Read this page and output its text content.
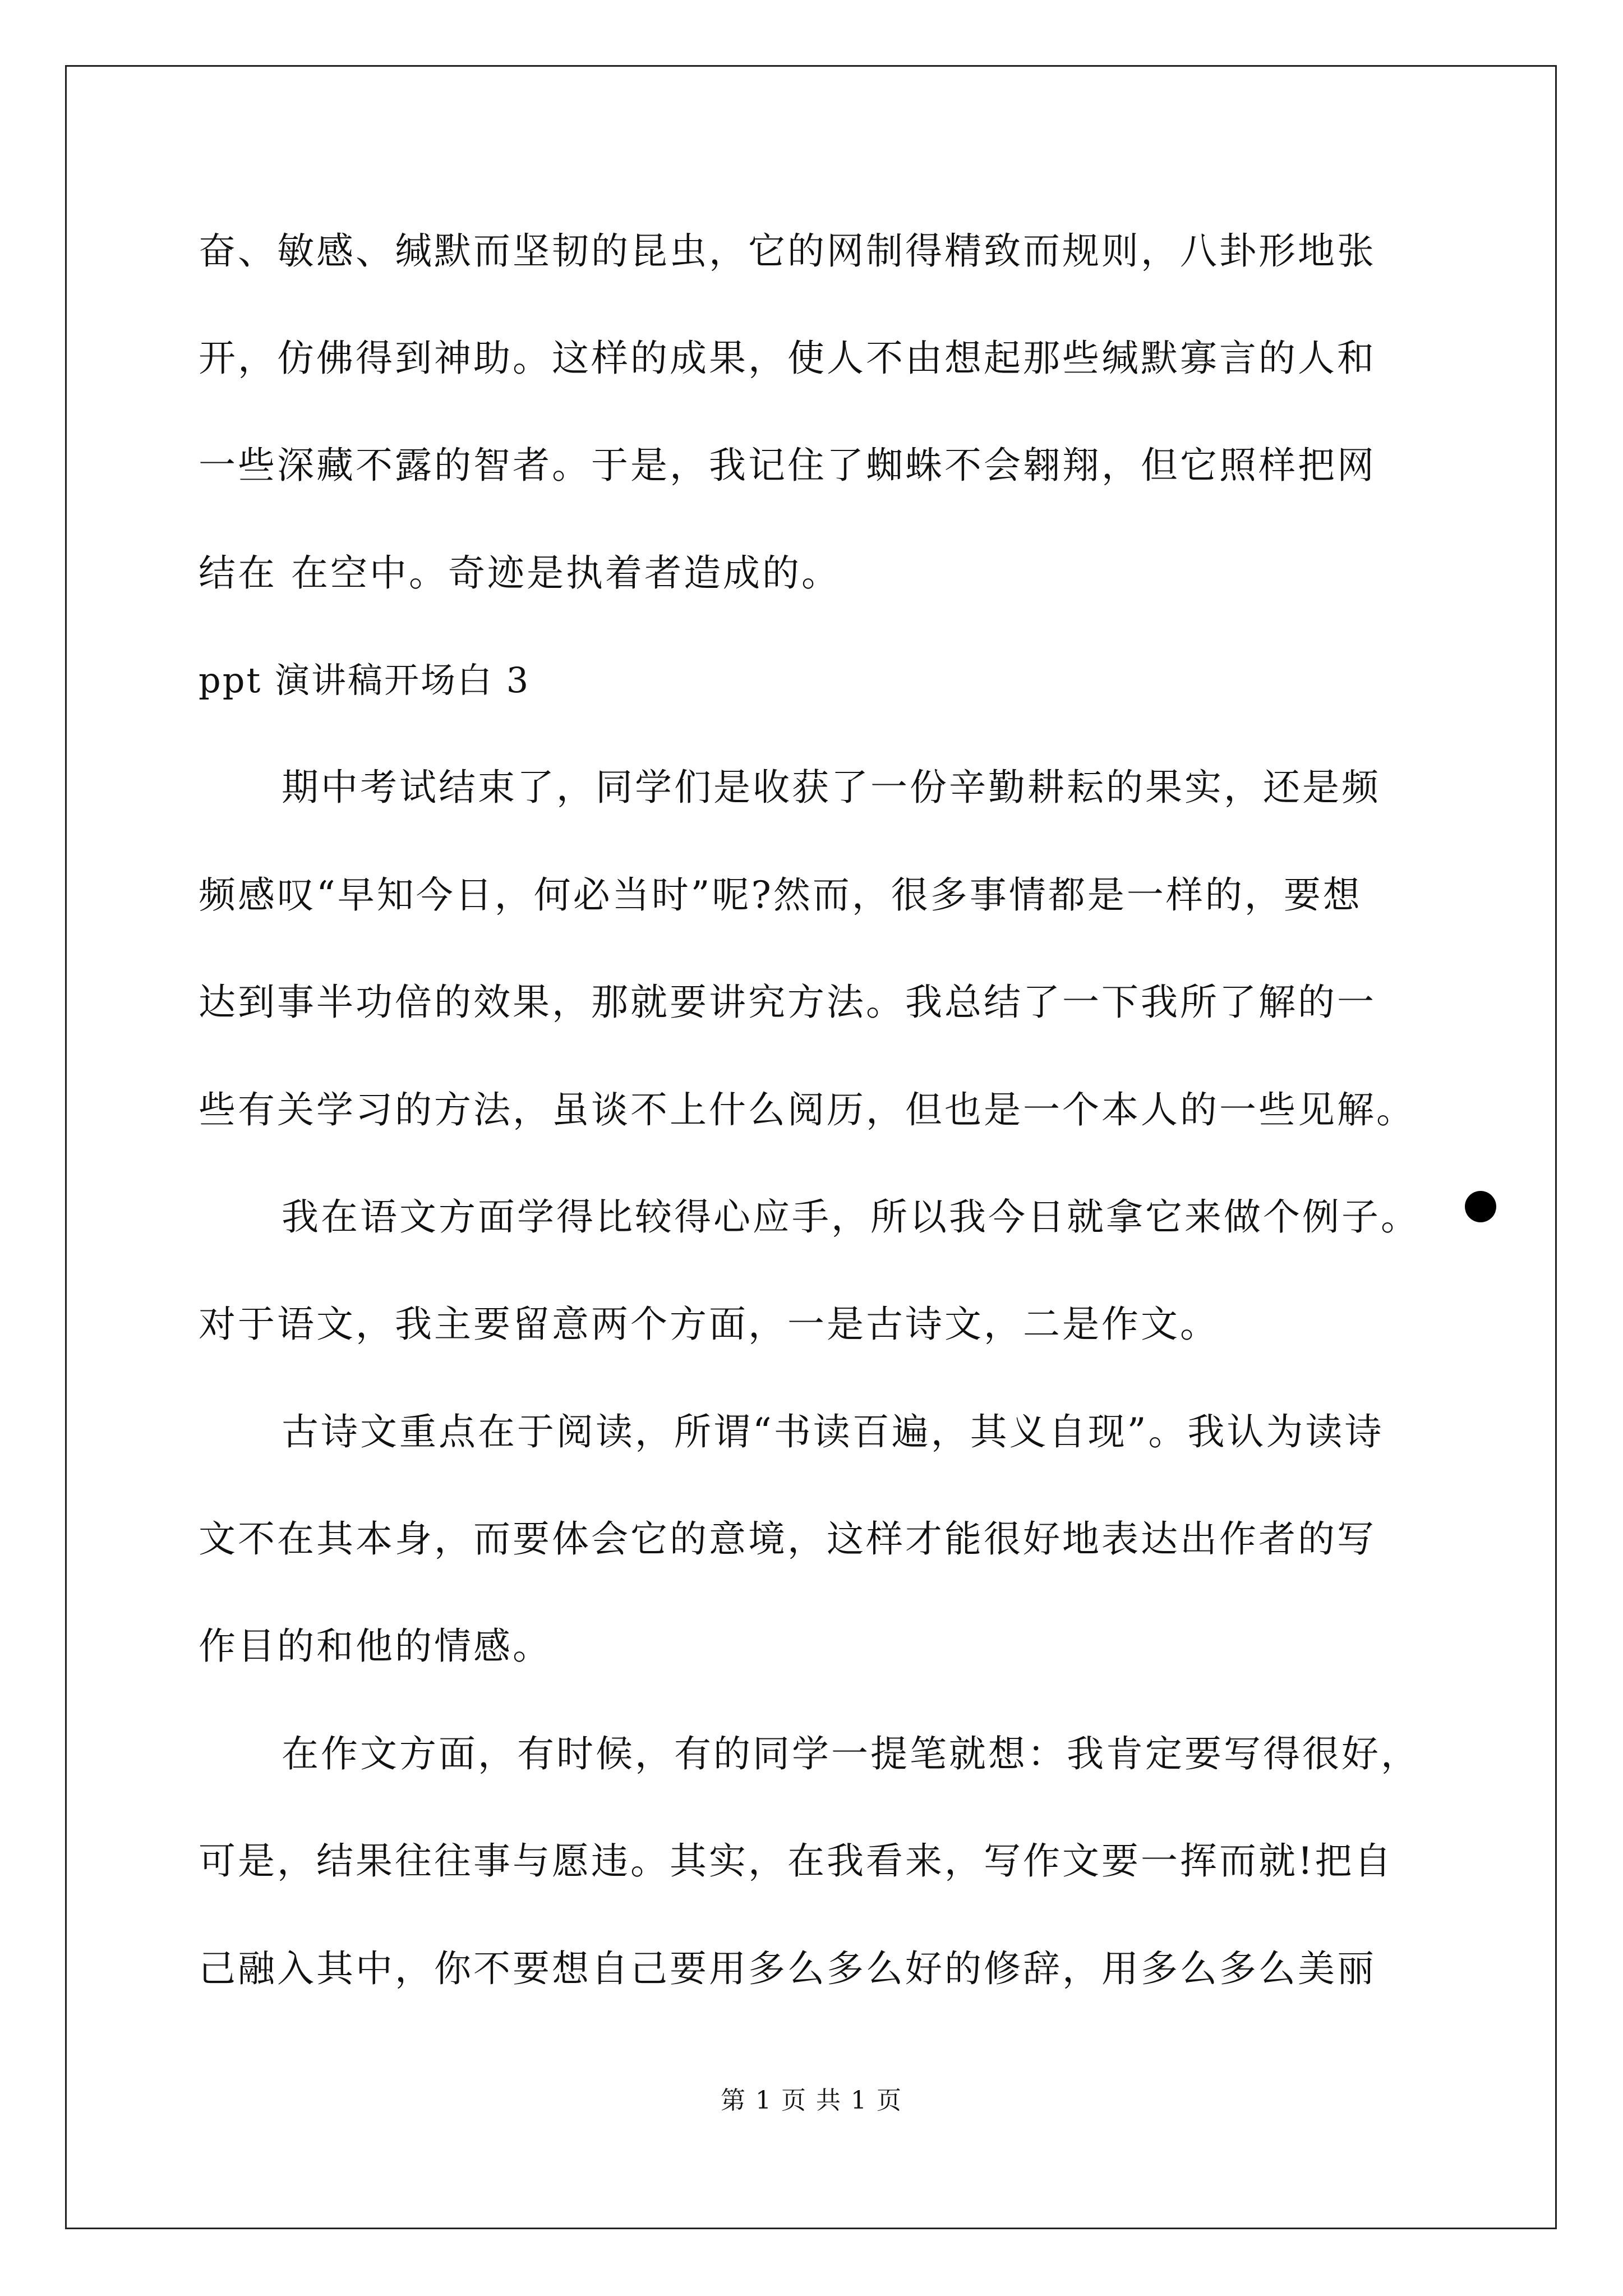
奋、敏感、缄默而坚韧的昆虫，它的网制得精致而规则，八卦形地张
开，仿佛得到神助。这样的成果，使人不由想起那些缄默寡言的人和
一些深藏不露的智者。于是，我记住了蜘蛛不会翱翔，但它照样把网
结在 在空中。奇迹是执着者造成的。
ppt 演讲稿开场白 3
期中考试结束了，同学们是收获了一份辛勤耕耘的果实，还是频
频感叹“早知今日，何必当时”呢?然而，很多事情都是一样的，要想
达到事半功倍的效果，那就要讲究方法。我总结了一下我所了解的一
些有关学习的方法，虽谈不上什么阅历，但也是一个本人的一些见解。
我在语文方面学得比较得心应手，所以我今日就拿它来做个例子。
对于语文，我主要留意两个方面，一是古诗文，二是作文。
古诗文重点在于阅读，所谓“书读百遍，其义自现”。我认为读诗
文不在其本身，而要体会它的意境，这样才能很好地表达出作者的写
作目的和他的情感。
在作文方面，有时候，有的同学一提笔就想：我肯定要写得很好，
可是，结果往往事与愿违。其实，在我看来，写作文要一挥而就!把自
己融入其中，你不要想自己要用多么多么好的修辞，用多么多么美丽
第 1 页 共 1 页
